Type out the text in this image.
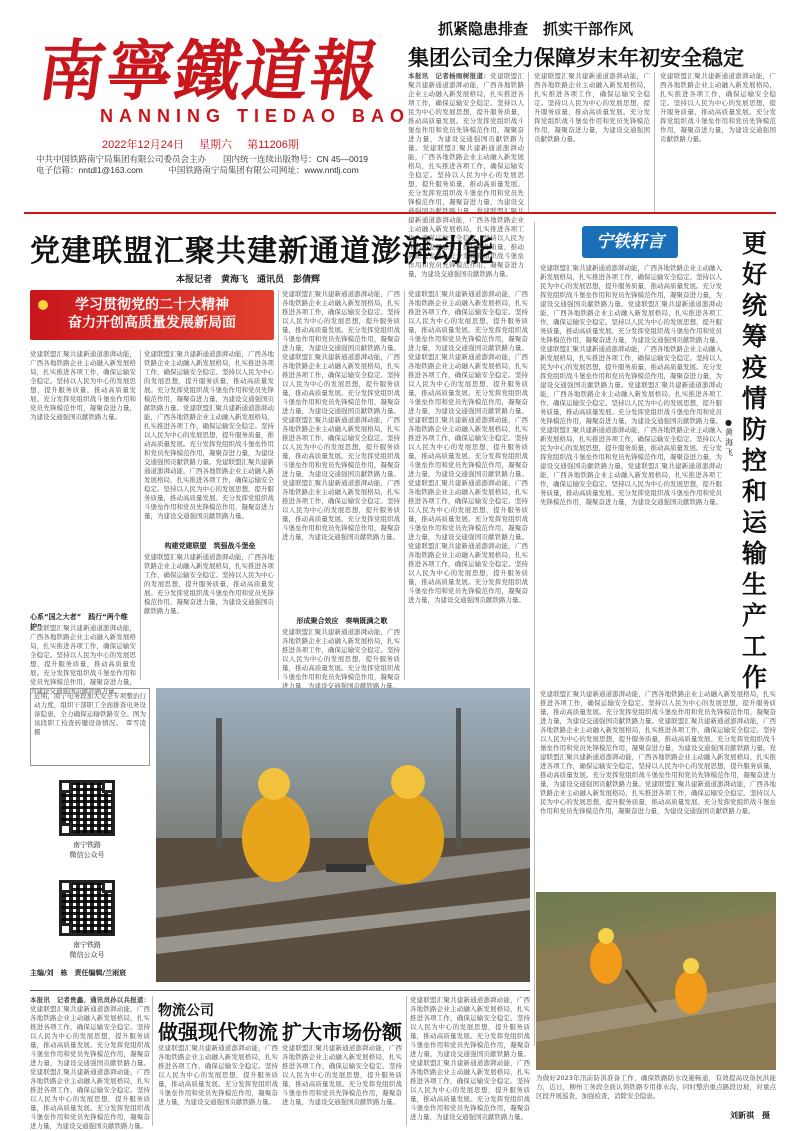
南寧鐵道報
NANNING TIEDAO BAO
2022年12月24日 星期六 第11206期
中共中国铁路南宁局集团有限公司委员会主办　　 国内统一连续出版物号：CN 45—0019
电子信箱：nntdl1@163.com　　　	中国铁路南宁局集团有限公司网址：www.nntlj.com
抓紧隐患排查　抓实干部作风
集团公司全力保障岁末年初安全稳定
本报讯　记者杨雨树报道： 党建联盟汇聚共建新通道澎湃动能，广西各地铁路企业主动融入新发展格局，扎实推进各项工作，确保运输安全稳定。坚持以人民为中心的发展思想，提升服务质量，推动高质量发展。充分发挥党组织战斗堡垒作用和党员先锋模范作用，凝聚奋进力量，为建设交通强国贡献铁路力量。 党建联盟汇聚共建新通道澎湃动能，广西各地铁路企业主动融入新发展格局，扎实推进各项工作，确保运输安全稳定。坚持以人民为中心的发展思想，提升服务质量，推动高质量发展。充分发挥党组织战斗堡垒作用和党员先锋模范作用，凝聚奋进力量，为建设交通强国贡献铁路力量。 党建联盟汇聚共建新通道澎湃动能，广西各地铁路企业主动融入新发展格局，扎实推进各项工作，确保运输安全稳定。坚持以人民为中心的发展思想，提升服务质量，推动高质量发展。充分发挥党组织战斗堡垒作用和党员先锋模范作用，凝聚奋进力量，为建设交通强国贡献铁路力量。
党建联盟汇聚共建新通道澎湃动能，广西各地铁路企业主动融入新发展格局，扎实推进各项工作，确保运输安全稳定。坚持以人民为中心的发展思想，提升服务质量，推动高质量发展。充分发挥党组织战斗堡垒作用和党员先锋模范作用，凝聚奋进力量，为建设交通强国贡献铁路力量。
党建联盟汇聚共建新通道澎湃动能，广西各地铁路企业主动融入新发展格局，扎实推进各项工作，确保运输安全稳定。坚持以人民为中心的发展思想，提升服务质量，推动高质量发展。充分发挥党组织战斗堡垒作用和党员先锋模范作用，凝聚奋进力量，为建设交通强国贡献铁路力量。
党建联盟汇聚共建新通道澎湃动能
本报记者　黄海飞　通讯员　彭倩辉
学习贯彻党的二十大精神
奋力开创高质量发展新局面
党建联盟汇聚共建新通道澎湃动能，广西各地铁路企业主动融入新发展格局，扎实推进各项工作，确保运输安全稳定。坚持以人民为中心的发展思想，提升服务质量，推动高质量发展。充分发挥党组织战斗堡垒作用和党员先锋模范作用，凝聚奋进力量，为建设交通强国贡献铁路力量。
心系“国之大者”　践行“两个维护”
党建联盟汇聚共建新通道澎湃动能，广西各地铁路企业主动融入新发展格局，扎实推进各项工作，确保运输安全稳定。坚持以人民为中心的发展思想，提升服务质量，推动高质量发展。充分发挥党组织战斗堡垒作用和党员先锋模范作用，凝聚奋进力量，为建设交通强国贡献铁路力量。
党建联盟汇聚共建新通道澎湃动能，广西各地铁路企业主动融入新发展格局，扎实推进各项工作，确保运输安全稳定。坚持以人民为中心的发展思想，提升服务质量，推动高质量发展。充分发挥党组织战斗堡垒作用和党员先锋模范作用，凝聚奋进力量，为建设交通强国贡献铁路力量。 党建联盟汇聚共建新通道澎湃动能，广西各地铁路企业主动融入新发展格局，扎实推进各项工作，确保运输安全稳定。坚持以人民为中心的发展思想，提升服务质量，推动高质量发展。充分发挥党组织战斗堡垒作用和党员先锋模范作用，凝聚奋进力量，为建设交通强国贡献铁路力量。 党建联盟汇聚共建新通道澎湃动能，广西各地铁路企业主动融入新发展格局，扎实推进各项工作，确保运输安全稳定。坚持以人民为中心的发展思想，提升服务质量，推动高质量发展。充分发挥党组织战斗堡垒作用和党员先锋模范作用，凝聚奋进力量，为建设交通强国贡献铁路力量。
构建党建联盟　筑强战斗堡垒
党建联盟汇聚共建新通道澎湃动能，广西各地铁路企业主动融入新发展格局，扎实推进各项工作，确保运输安全稳定。坚持以人民为中心的发展思想，提升服务质量，推动高质量发展。充分发挥党组织战斗堡垒作用和党员先锋模范作用，凝聚奋进力量，为建设交通强国贡献铁路力量。
党建联盟汇聚共建新通道澎湃动能，广西各地铁路企业主动融入新发展格局，扎实推进各项工作，确保运输安全稳定。坚持以人民为中心的发展思想，提升服务质量，推动高质量发展。充分发挥党组织战斗堡垒作用和党员先锋模范作用，凝聚奋进力量，为建设交通强国贡献铁路力量。 党建联盟汇聚共建新通道澎湃动能，广西各地铁路企业主动融入新发展格局，扎实推进各项工作，确保运输安全稳定。坚持以人民为中心的发展思想，提升服务质量，推动高质量发展。充分发挥党组织战斗堡垒作用和党员先锋模范作用，凝聚奋进力量，为建设交通强国贡献铁路力量。 党建联盟汇聚共建新通道澎湃动能，广西各地铁路企业主动融入新发展格局，扎实推进各项工作，确保运输安全稳定。坚持以人民为中心的发展思想，提升服务质量，推动高质量发展。充分发挥党组织战斗堡垒作用和党员先锋模范作用，凝聚奋进力量，为建设交通强国贡献铁路力量。 党建联盟汇聚共建新通道澎湃动能，广西各地铁路企业主动融入新发展格局，扎实推进各项工作，确保运输安全稳定。坚持以人民为中心的发展思想，提升服务质量，推动高质量发展。充分发挥党组织战斗堡垒作用和党员先锋模范作用，凝聚奋进力量，为建设交通强国贡献铁路力量。
形成聚合效应　奏响既满之歌
党建联盟汇聚共建新通道澎湃动能，广西各地铁路企业主动融入新发展格局，扎实推进各项工作，确保运输安全稳定。坚持以人民为中心的发展思想，提升服务质量，推动高质量发展。充分发挥党组织战斗堡垒作用和党员先锋模范作用，凝聚奋进力量，为建设交通强国贡献铁路力量。
党建联盟汇聚共建新通道澎湃动能，广西各地铁路企业主动融入新发展格局，扎实推进各项工作，确保运输安全稳定。坚持以人民为中心的发展思想，提升服务质量，推动高质量发展。充分发挥党组织战斗堡垒作用和党员先锋模范作用，凝聚奋进力量，为建设交通强国贡献铁路力量。 党建联盟汇聚共建新通道澎湃动能，广西各地铁路企业主动融入新发展格局，扎实推进各项工作，确保运输安全稳定。坚持以人民为中心的发展思想，提升服务质量，推动高质量发展。充分发挥党组织战斗堡垒作用和党员先锋模范作用，凝聚奋进力量，为建设交通强国贡献铁路力量。 党建联盟汇聚共建新通道澎湃动能，广西各地铁路企业主动融入新发展格局，扎实推进各项工作，确保运输安全稳定。坚持以人民为中心的发展思想，提升服务质量，推动高质量发展。充分发挥党组织战斗堡垒作用和党员先锋模范作用，凝聚奋进力量，为建设交通强国贡献铁路力量。 党建联盟汇聚共建新通道澎湃动能，广西各地铁路企业主动融入新发展格局，扎实推进各项工作，确保运输安全稳定。坚持以人民为中心的发展思想，提升服务质量，推动高质量发展。充分发挥党组织战斗堡垒作用和党员先锋模范作用，凝聚奋进力量，为建设交通强国贡献铁路力量。 党建联盟汇聚共建新通道澎湃动能，广西各地铁路企业主动融入新发展格局，扎实推进各项工作，确保运输安全稳定。坚持以人民为中心的发展思想，提升服务质量，推动高质量发展。充分发挥党组织战斗堡垒作用和党员先锋模范作用，凝聚奋进力量，为建设交通强国贡献铁路力量。
宁铁轩言	更好统筹疫情防控和运输生产工作
●黄海飞
党建联盟汇聚共建新通道澎湃动能，广西各地铁路企业主动融入新发展格局，扎实推进各项工作，确保运输安全稳定。坚持以人民为中心的发展思想，提升服务质量，推动高质量发展。充分发挥党组织战斗堡垒作用和党员先锋模范作用，凝聚奋进力量，为建设交通强国贡献铁路力量。 党建联盟汇聚共建新通道澎湃动能，广西各地铁路企业主动融入新发展格局，扎实推进各项工作，确保运输安全稳定。坚持以人民为中心的发展思想，提升服务质量，推动高质量发展。充分发挥党组织战斗堡垒作用和党员先锋模范作用，凝聚奋进力量，为建设交通强国贡献铁路力量。 党建联盟汇聚共建新通道澎湃动能，广西各地铁路企业主动融入新发展格局，扎实推进各项工作，确保运输安全稳定。坚持以人民为中心的发展思想，提升服务质量，推动高质量发展。充分发挥党组织战斗堡垒作用和党员先锋模范作用，凝聚奋进力量，为建设交通强国贡献铁路力量。 党建联盟汇聚共建新通道澎湃动能，广西各地铁路企业主动融入新发展格局，扎实推进各项工作，确保运输安全稳定。坚持以人民为中心的发展思想，提升服务质量，推动高质量发展。充分发挥党组织战斗堡垒作用和党员先锋模范作用，凝聚奋进力量，为建设交通强国贡献铁路力量。 党建联盟汇聚共建新通道澎湃动能，广西各地铁路企业主动融入新发展格局，扎实推进各项工作，确保运输安全稳定。坚持以人民为中心的发展思想，提升服务质量，推动高质量发展。充分发挥党组织战斗堡垒作用和党员先锋模范作用，凝聚奋进力量，为建设交通强国贡献铁路力量。 党建联盟汇聚共建新通道澎湃动能，广西各地铁路企业主动融入新发展格局，扎实推进各项工作，确保运输安全稳定。坚持以人民为中心的发展思想，提升服务质量，推动高质量发展。充分发挥党组织战斗堡垒作用和党员先锋模范作用，凝聚奋进力量，为建设交通强国贡献铁路力量。
党建联盟汇聚共建新通道澎湃动能，广西各地铁路企业主动融入新发展格局，扎实推进各项工作，确保运输安全稳定。坚持以人民为中心的发展思想，提升服务质量，推动高质量发展。充分发挥党组织战斗堡垒作用和党员先锋模范作用，凝聚奋进力量，为建设交通强国贡献铁路力量。 党建联盟汇聚共建新通道澎湃动能，广西各地铁路企业主动融入新发展格局，扎实推进各项工作，确保运输安全稳定。坚持以人民为中心的发展思想，提升服务质量，推动高质量发展。充分发挥党组织战斗堡垒作用和党员先锋模范作用，凝聚奋进力量，为建设交通强国贡献铁路力量。 党建联盟汇聚共建新通道澎湃动能，广西各地铁路企业主动融入新发展格局，扎实推进各项工作，确保运输安全稳定。坚持以人民为中心的发展思想，提升服务质量，推动高质量发展。充分发挥党组织战斗堡垒作用和党员先锋模范作用，凝聚奋进力量，为建设交通强国贡献铁路力量。 党建联盟汇聚共建新通道澎湃动能，广西各地铁路企业主动融入新发展格局，扎实推进各项工作，确保运输安全稳定。坚持以人民为中心的发展思想，提升服务质量，推动高质量发展。充分发挥党组织战斗堡垒作用和党员先锋模范作用，凝聚奋进力量，为建设交通强国贡献铁路力量。
近期，南宁电务段加大安全专项整治行动力度，组织干部职工全面排查电务设备隐患，全力确保运输铁路安全。图为该段职工检查转辙设备情况。　覃雪凌　摄
南宁铁路
微信公众号
南宁铁路
微信公众号
主编/刘　栋　责任编辑/兰雨宸
本报讯　记者贵鑫、通讯员孙以兵报道： 党建联盟汇聚共建新通道澎湃动能，广西各地铁路企业主动融入新发展格局，扎实推进各项工作，确保运输安全稳定。坚持以人民为中心的发展思想，提升服务质量，推动高质量发展。充分发挥党组织战斗堡垒作用和党员先锋模范作用，凝聚奋进力量，为建设交通强国贡献铁路力量。 党建联盟汇聚共建新通道澎湃动能，广西各地铁路企业主动融入新发展格局，扎实推进各项工作，确保运输安全稳定。坚持以人民为中心的发展思想，提升服务质量，推动高质量发展。充分发挥党组织战斗堡垒作用和党员先锋模范作用，凝聚奋进力量，为建设交通强国贡献铁路力量。
物流公司
做强现代物流 扩大市场份额
党建联盟汇聚共建新通道澎湃动能，广西各地铁路企业主动融入新发展格局，扎实推进各项工作，确保运输安全稳定。坚持以人民为中心的发展思想，提升服务质量，推动高质量发展。充分发挥党组织战斗堡垒作用和党员先锋模范作用，凝聚奋进力量，为建设交通强国贡献铁路力量。
党建联盟汇聚共建新通道澎湃动能，广西各地铁路企业主动融入新发展格局，扎实推进各项工作，确保运输安全稳定。坚持以人民为中心的发展思想，提升服务质量，推动高质量发展。充分发挥党组织战斗堡垒作用和党员先锋模范作用，凝聚奋进力量，为建设交通强国贡献铁路力量。
党建联盟汇聚共建新通道澎湃动能，广西各地铁路企业主动融入新发展格局，扎实推进各项工作，确保运输安全稳定。坚持以人民为中心的发展思想，提升服务质量，推动高质量发展。充分发挥党组织战斗堡垒作用和党员先锋模范作用，凝聚奋进力量，为建设交通强国贡献铁路力量。 党建联盟汇聚共建新通道澎湃动能，广西各地铁路企业主动融入新发展格局，扎实推进各项工作，确保运输安全稳定。坚持以人民为中心的发展思想，提升服务质量，推动高质量发展。充分发挥党组织战斗堡垒作用和党员先锋模范作用，凝聚奋进力量，为建设交通强国贡献铁路力量。
为做好2023年汛前防洪准备工作，确保铁路防水设施畅通，有效提高设备抗洪能力，近日，柳州工务段全面认领铁路专用排水沟，同时整治重点路段边坡，对重点区段开展巡查，加强检查，消除安全隐患。
刘新祺　摄
